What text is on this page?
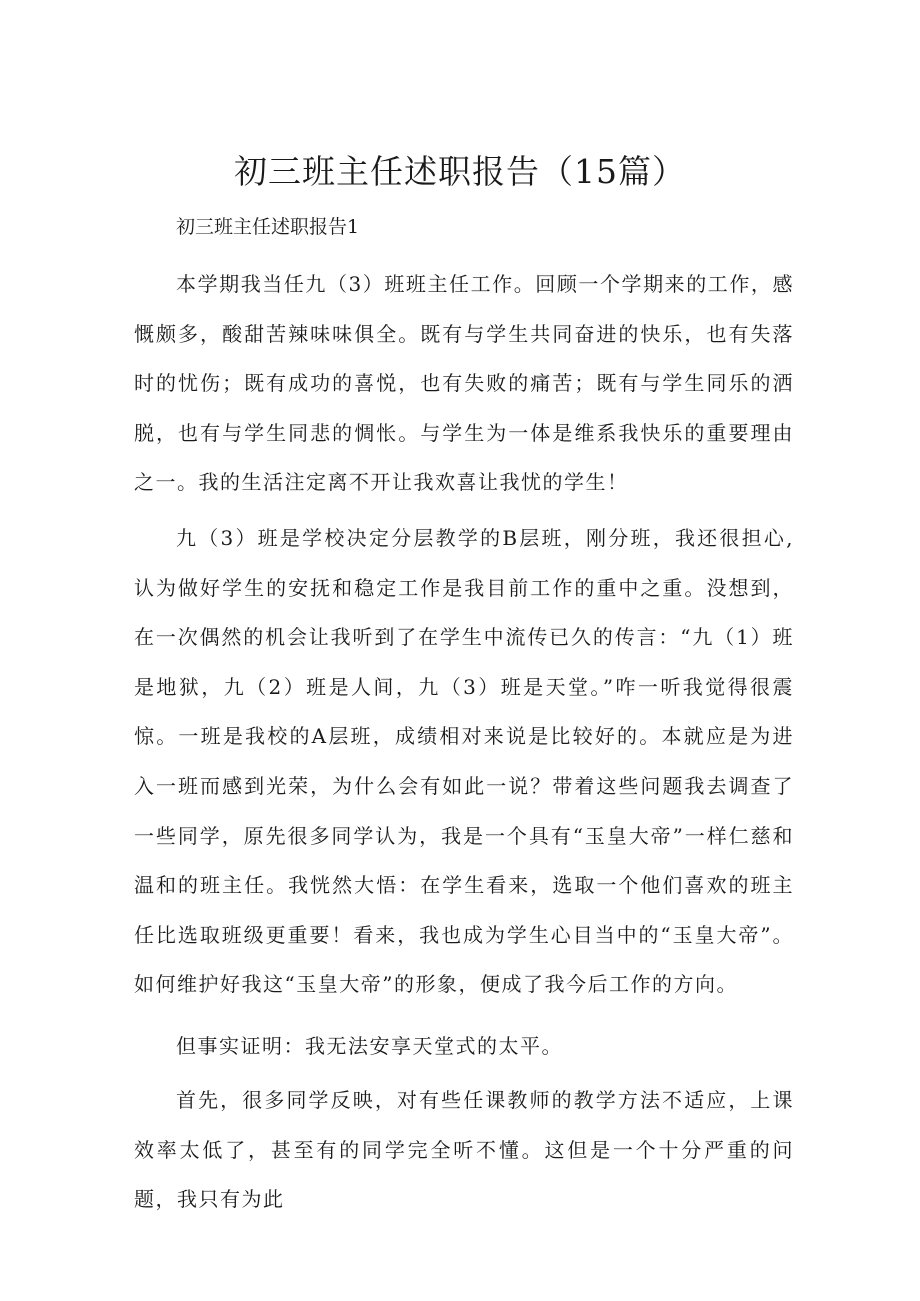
初三班主任述职报告（15篇）
初三班主任述职报告1

本学期我当任九（3）班班主任工作。回顾一个学期来的工作，感慨颇多，酸甜苦辣味味俱全。既有与学生共同奋进的快乐，也有失落时的忧伤；既有成功的喜悦，也有失败的痛苦；既有与学生同乐的洒脱，也有与学生同悲的惆怅。与学生为一体是维系我快乐的重要理由之一。我的生活注定离不开让我欢喜让我忧的学生！

九（3）班是学校决定分层教学的B层班，刚分班，我还很担心,认为做好学生的安抚和稳定工作是我目前工作的重中之重。没想到，在一次偶然的机会让我听到了在学生中流传已久的传言：“九（1）班是地狱，九（2）班是人间，九（3）班是天堂。”咋一听我觉得很震惊。一班是我校的A层班，成绩相对来说是比较好的。本就应是为进入一班而感到光荣，为什么会有如此一说？带着这些问题我去调查了一些同学，原先很多同学认为，我是一个具有“玉皇大帝”一样仁慈和温和的班主任。我恍然大悟：在学生看来，选取一个他们喜欢的班主任比选取班级更重要！看来，我也成为学生心目当中的“玉皇大帝”。如何维护好我这“玉皇大帝”的形象，便成了我今后工作的方向。

但事实证明：我无法安享天堂式的太平。

首先，很多同学反映，对有些任课教师的教学方法不适应，上课效率太低了，甚至有的同学完全听不懂。这但是一个十分严重的问题，我只有为此
